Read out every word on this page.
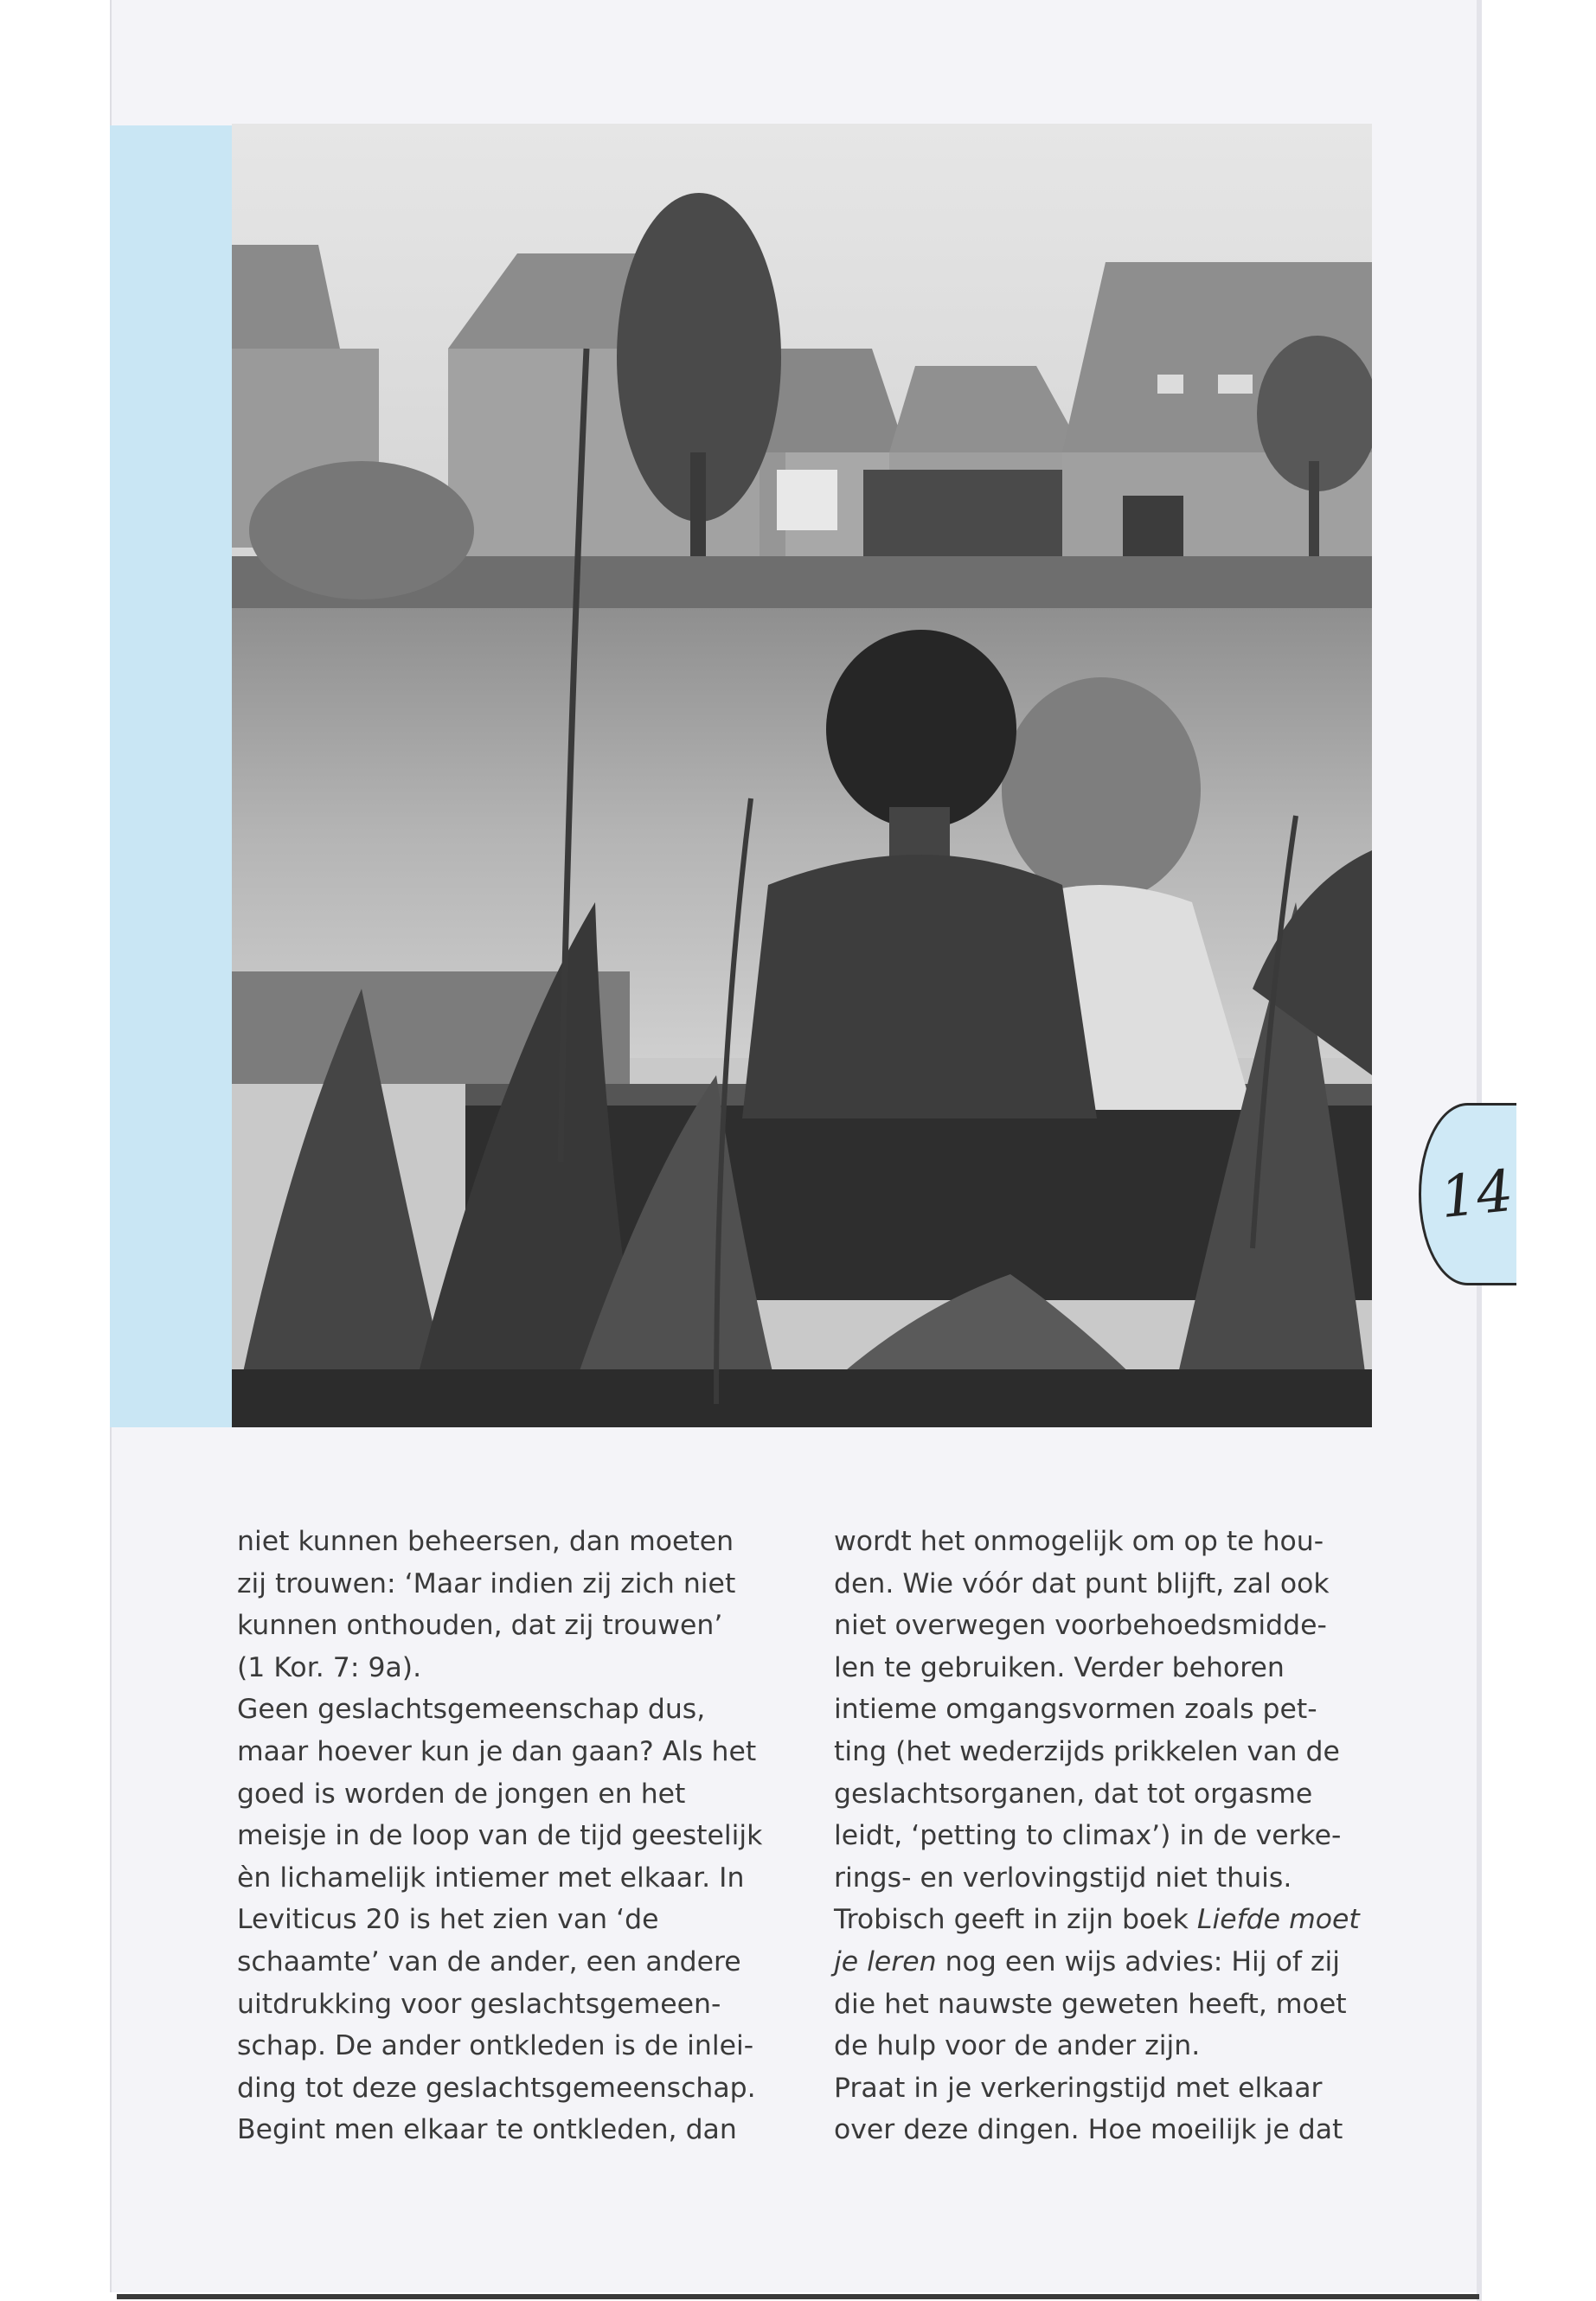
14
niet kunnen beheersen, dan moeten
zij trouwen: ‘Maar indien zij zich niet
kunnen onthouden, dat zij trouwen’
(1 Kor. 7: 9a).
Geen geslachtsgemeenschap dus,
maar hoever kun je dan gaan? Als het
goed is worden de jongen en het
meisje in de loop van de tijd geestelijk
èn lichamelijk intiemer met elkaar. In
Leviticus 20 is het zien van ‘de
schaamte’ van de ander, een andere
uitdrukking voor geslachtsgemeen-
schap. De ander ontkleden is de inlei-
ding tot deze geslachtsgemeenschap.
Begint men elkaar te ontkleden, dan
wordt het onmogelijk om op te hou-
den. Wie vóór dat punt blijft, zal ook
niet overwegen voorbehoedsmidde-
len te gebruiken. Verder behoren
intieme omgangsvormen zoals pet-
ting (het wederzijds prikkelen van de
geslachtsorganen, dat tot orgasme
leidt, ‘petting to climax’) in de verke-
rings- en verlovingstijd niet thuis.
Trobisch geeft in zijn boek Liefde moet
je leren nog een wijs advies: Hij of zij
die het nauwste geweten heeft, moet
de hulp voor de ander zijn.
Praat in je verkeringstijd met elkaar
over deze dingen. Hoe moeilijk je dat
